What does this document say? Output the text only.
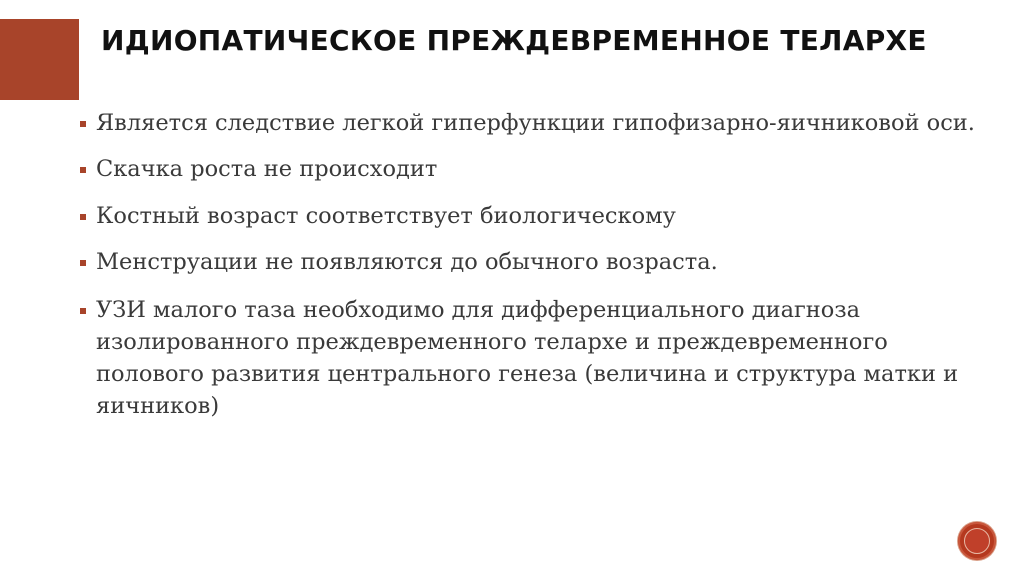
ИДИОПАТИЧЕСКОЕ ПРЕЖДЕВРЕМЕННОЕ ТЕЛАРХЕ
Является следствие легкой гиперфункции гипофизарно-яичниковой оси.
Скачка роста не происходит
Костный возраст соответствует биологическому
Менструации не появляются до обычного возраста.
УЗИ малого таза необходимо для дифференциального диагноза изолированного преждевременного телархе и преждевременного полового развития центрального генеза (величина и структура матки и яичников)
